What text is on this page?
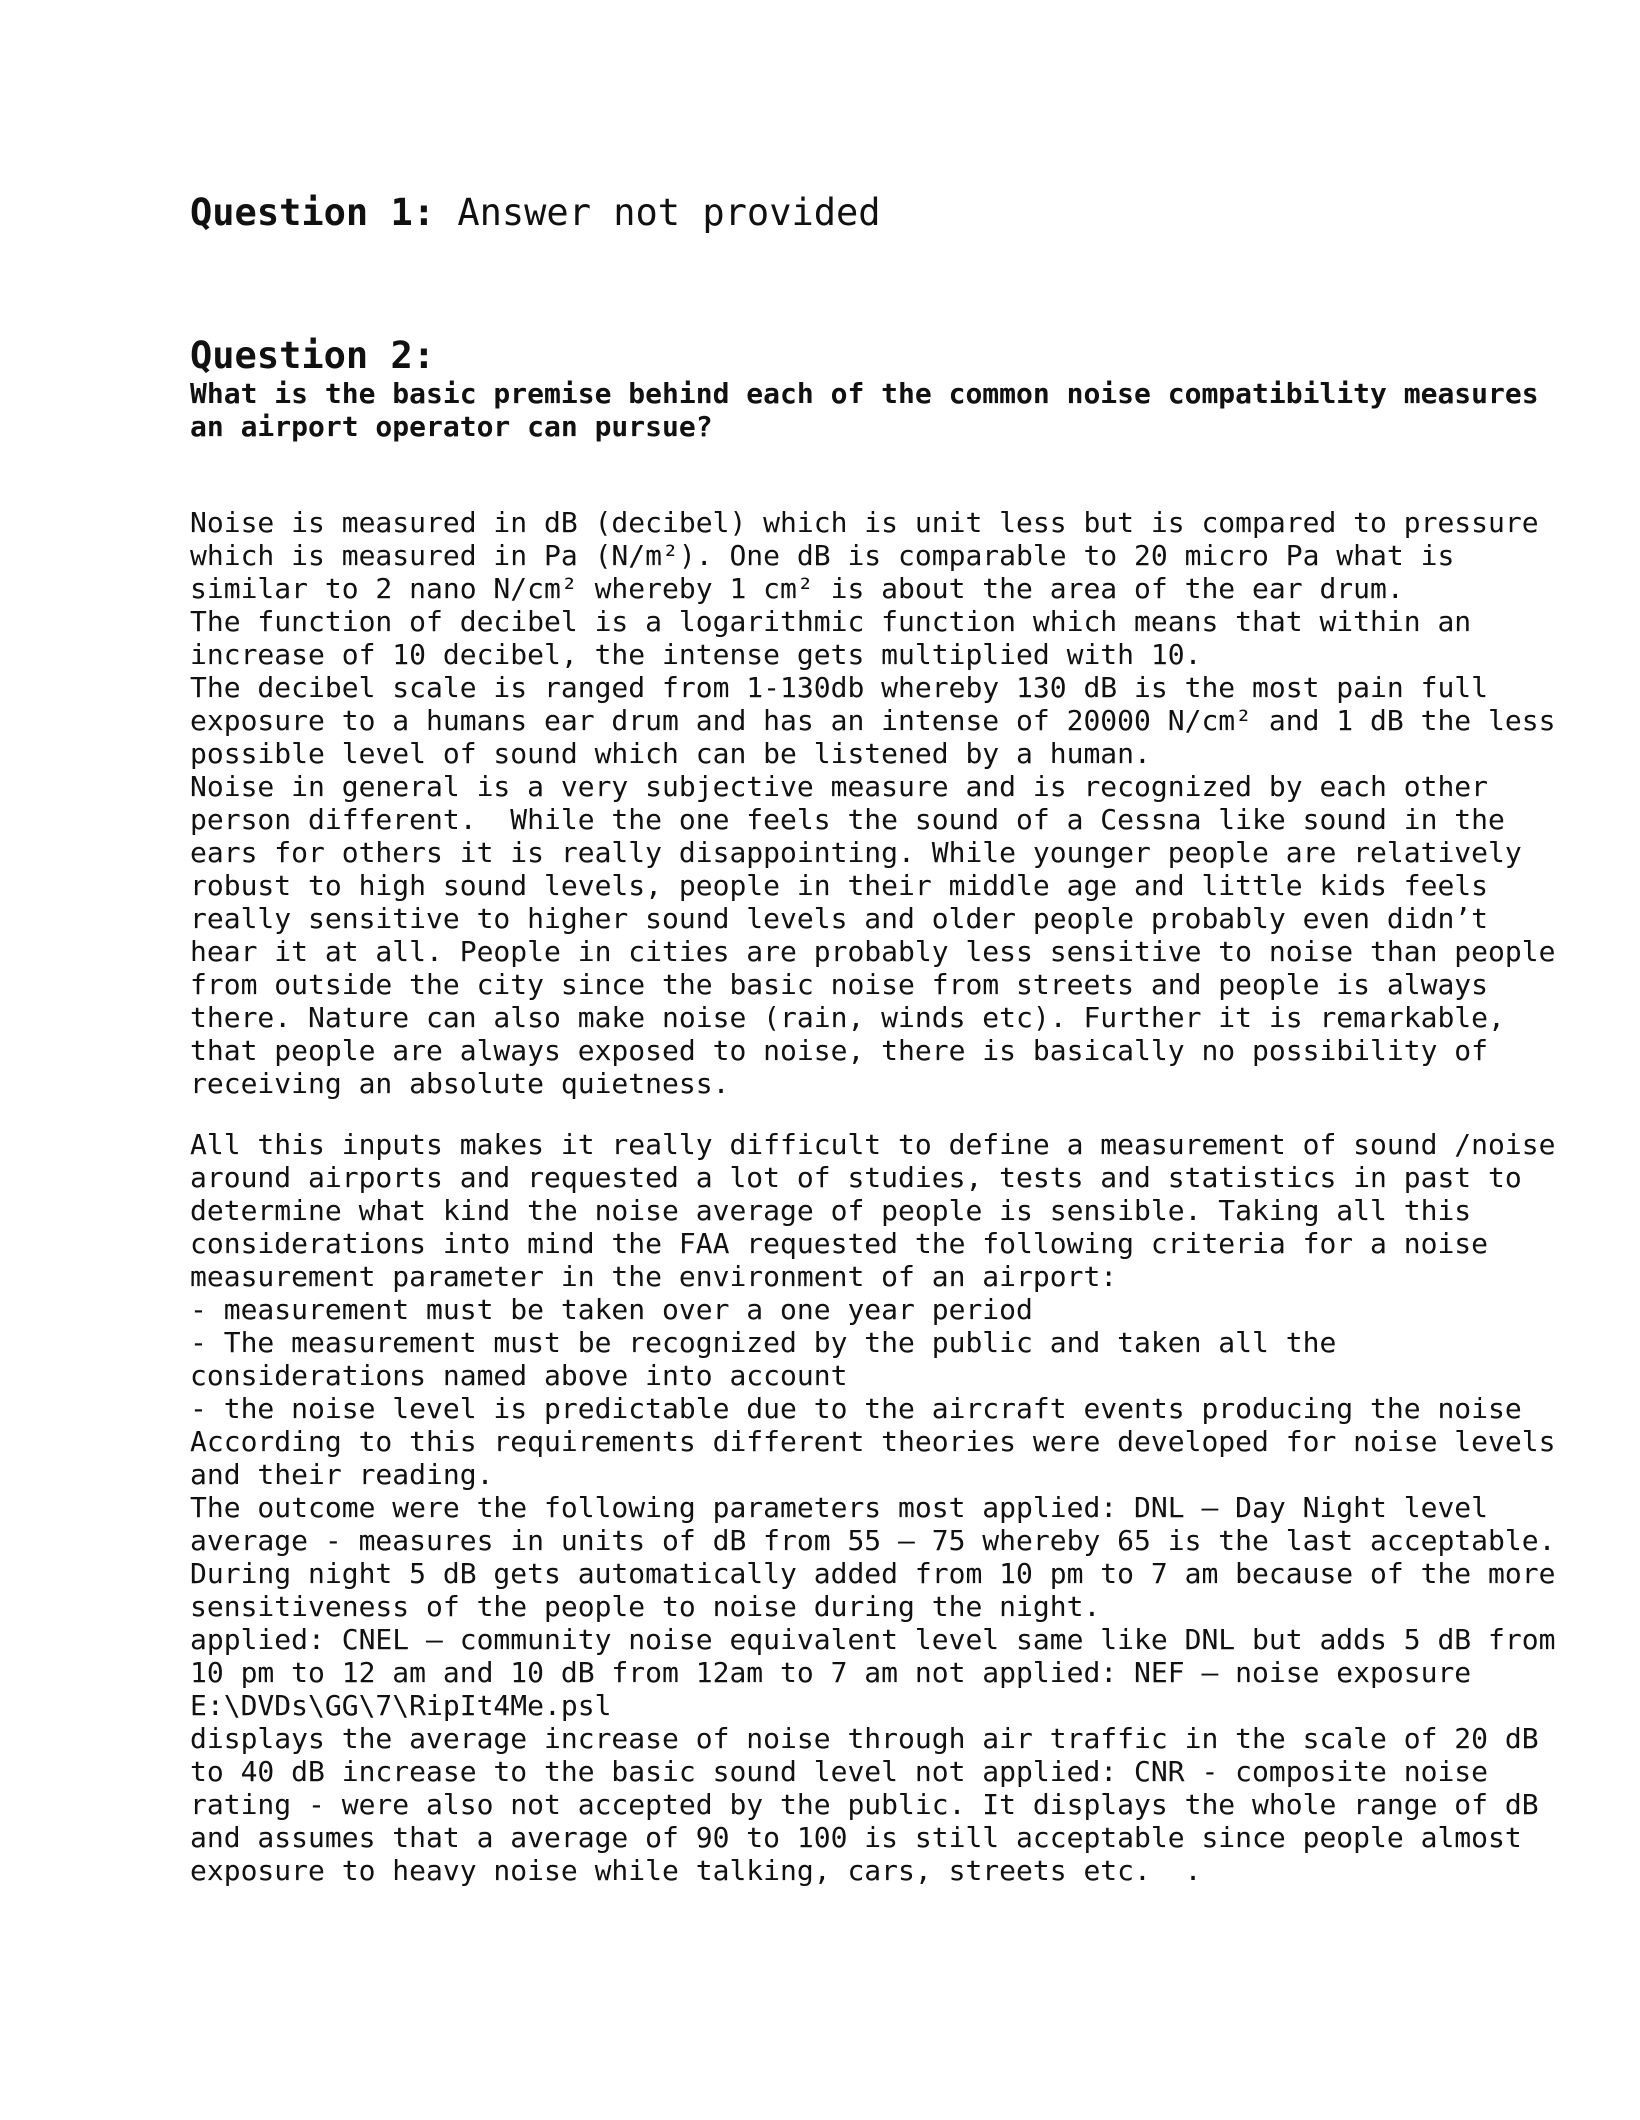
Question 1: Answer not provided
Question 2:
What is the basic premise behind each of the common noise compatibility measures
an airport operator can pursue?
Noise is measured in dB (decibel) which is unit less but is compared to pressure
which is measured in Pa (N/m²). One dB is comparable to 20 micro Pa what is
similar to 2 nano N/cm² whereby 1 cm² is about the area of the ear drum.
The function of decibel is a logarithmic function which means that within an
increase of 10 decibel, the intense gets multiplied with 10.
The decibel scale is ranged from 1-130db whereby 130 dB is the most pain full
exposure to a humans ear drum and has an intense of 20000 N/cm² and 1 dB the less
possible level of sound which can be listened by a human.
Noise in general is a very subjective measure and is recognized by each other
person different.  While the one feels the sound of a Cessna like sound in the
ears for others it is really disappointing. While younger people are relatively
robust to high sound levels, people in their middle age and little kids feels
really sensitive to higher sound levels and older people probably even didn’t
hear it at all. People in cities are probably less sensitive to noise than people
from outside the city since the basic noise from streets and people is always
there. Nature can also make noise (rain, winds etc). Further it is remarkable,
that people are always exposed to noise, there is basically no possibility of
receiving an absolute quietness.
All this inputs makes it really difficult to define a measurement of sound /noise
around airports and requested a lot of studies, tests and statistics in past to
determine what kind the noise average of people is sensible. Taking all this
considerations into mind the FAA requested the following criteria for a noise
measurement parameter in the environment of an airport:
- measurement must be taken over a one year period
- The measurement must be recognized by the public and taken all the
considerations named above into account
- the noise level is predictable due to the aircraft events producing the noise
According to this requirements different theories were developed for noise levels
and their reading.
The outcome were the following parameters most applied: DNL – Day Night level
average - measures in units of dB from 55 – 75 whereby 65 is the last acceptable.
During night 5 dB gets automatically added from 10 pm to 7 am because of the more
sensitiveness of the people to noise during the night.
applied: CNEL – community noise equivalent level same like DNL but adds 5 dB from
10 pm to 12 am and 10 dB from 12am to 7 am not applied: NEF – noise exposure
E:\DVDs\GG\7\RipIt4Me.psl
displays the average increase of noise through air traffic in the scale of 20 dB
to 40 dB increase to the basic sound level not applied: CNR - composite noise
rating - were also not accepted by the public. It displays the whole range of dB
and assumes that a average of 90 to 100 is still acceptable since people almost
exposure to heavy noise while talking, cars, streets etc.  .
